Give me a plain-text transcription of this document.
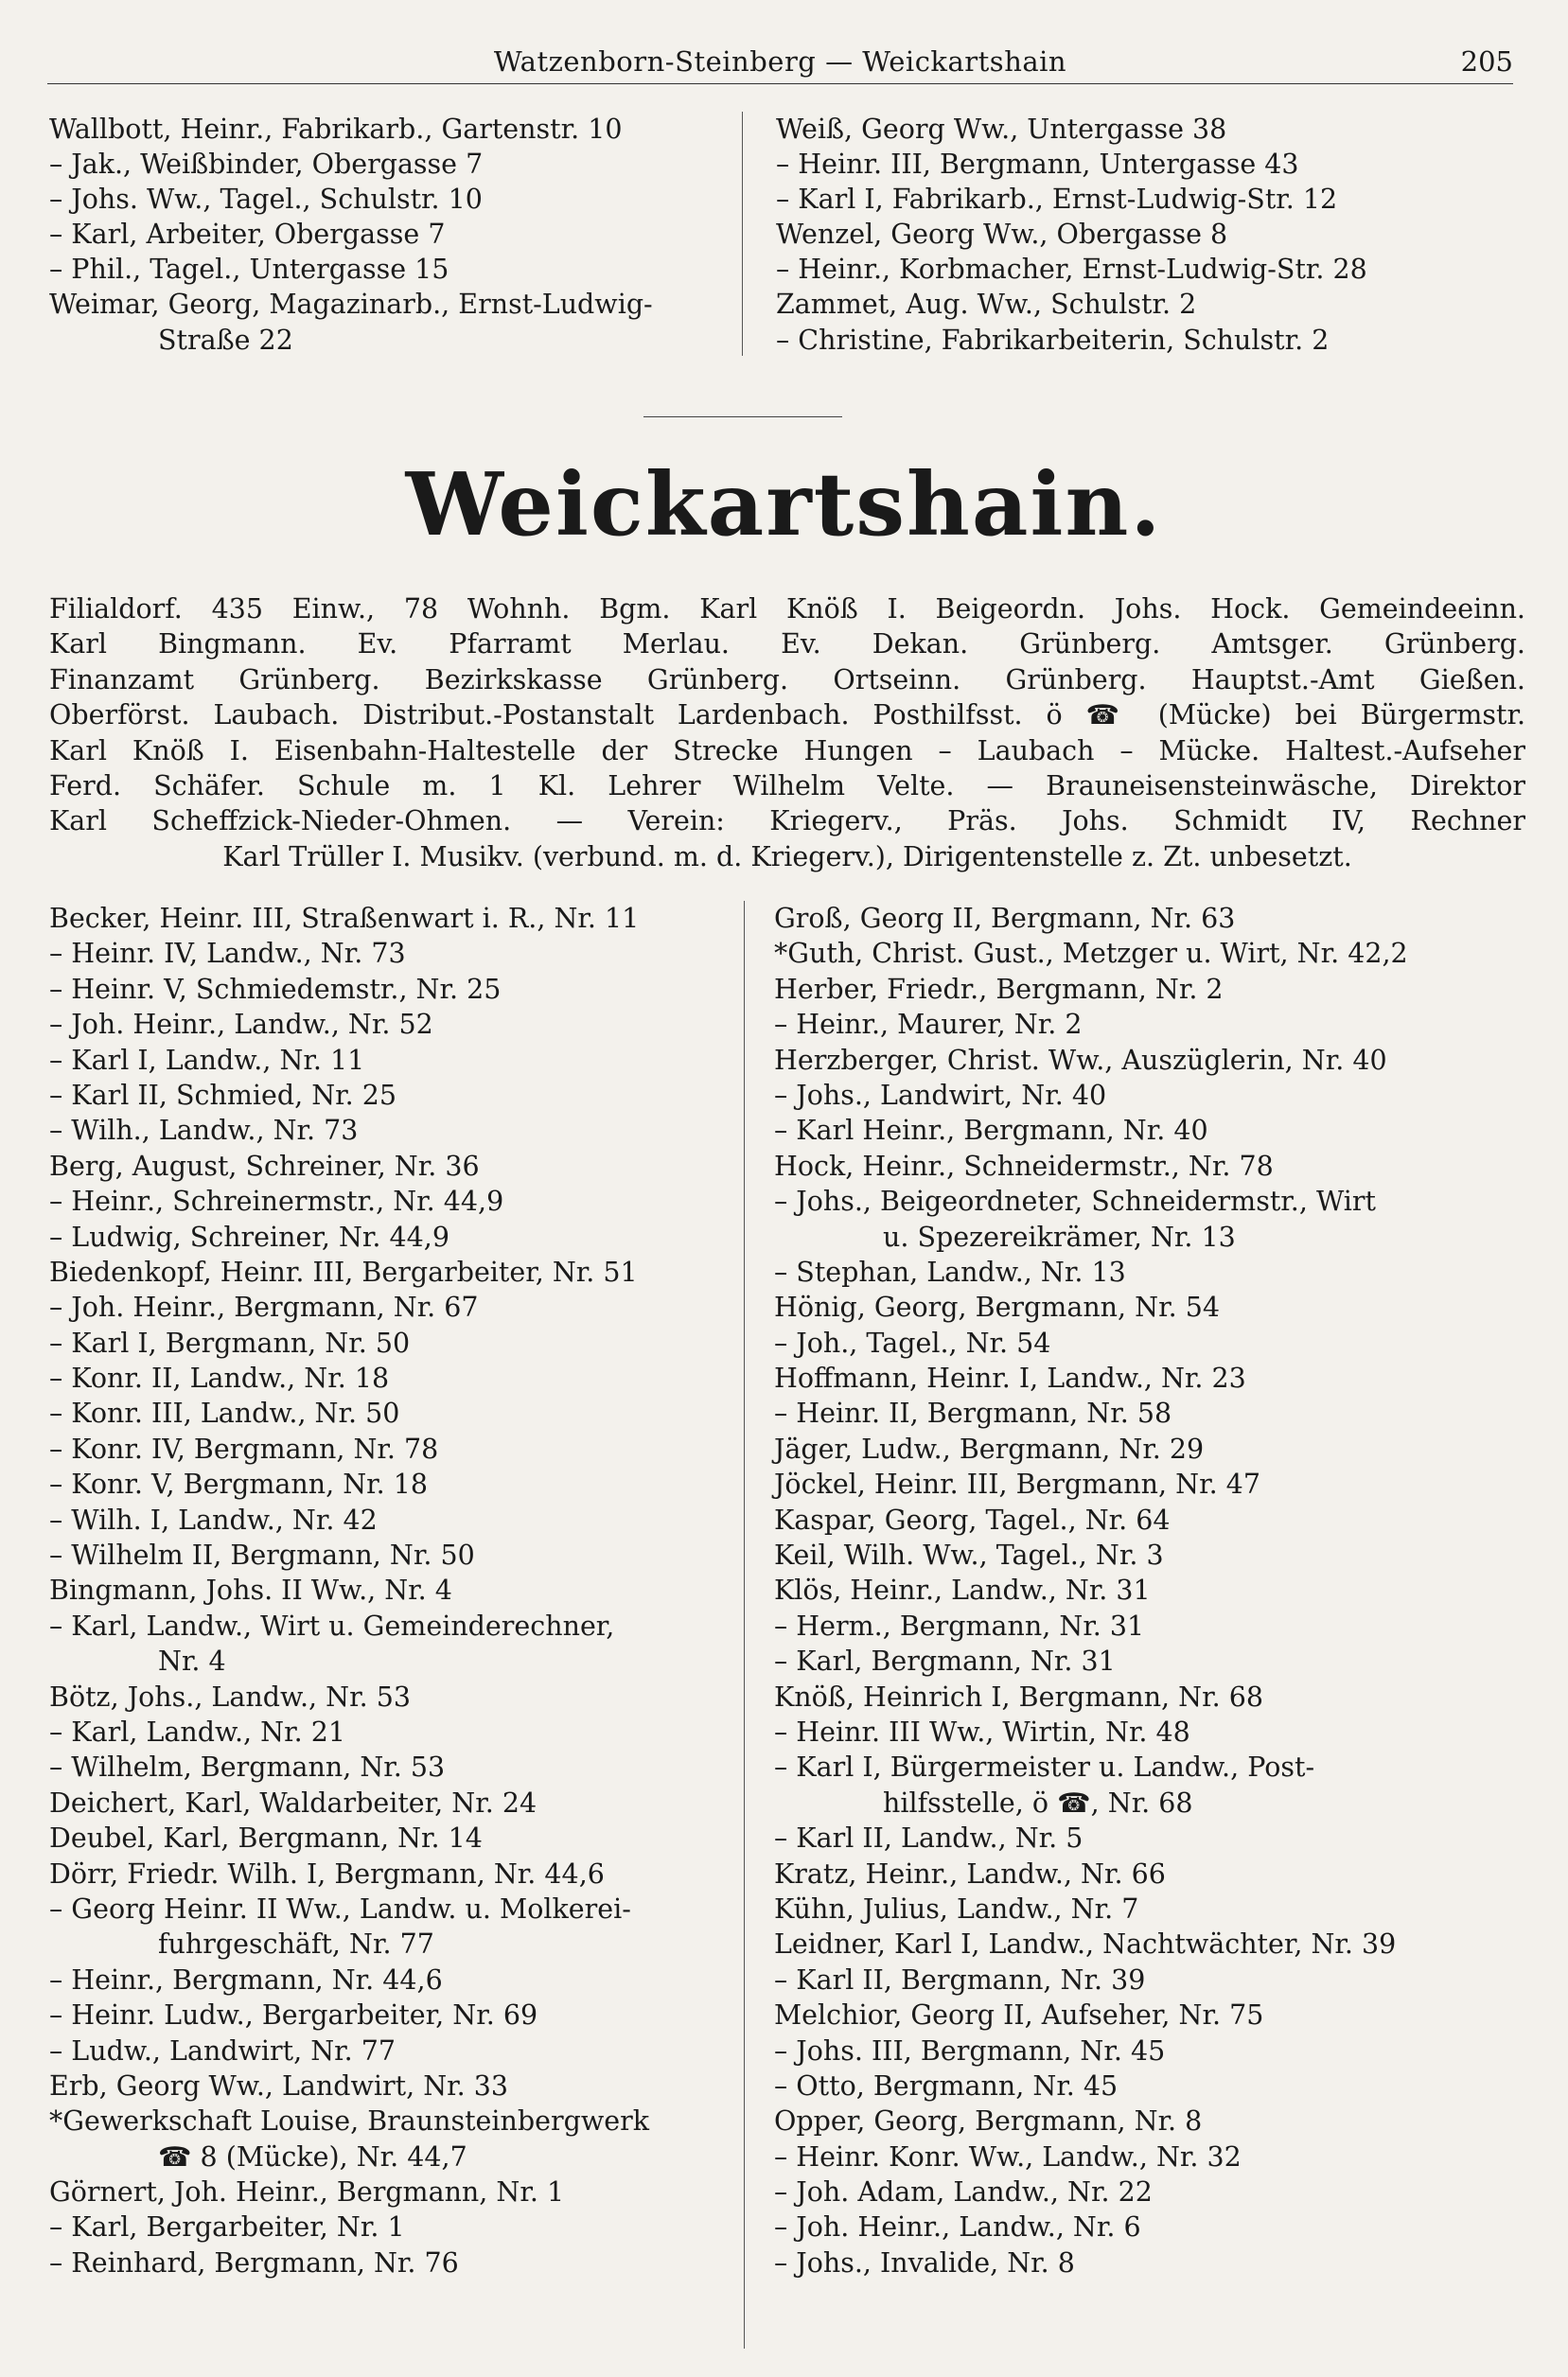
Watzenborn-Steinberg — Weickartshain	205
Wallbott, Heinr., Fabrikarb., Gartenstr. 10
– Jak., Weißbinder, Obergasse 7
– Johs. Ww., Tagel., Schulstr. 10
– Karl, Arbeiter, Obergasse 7
– Phil., Tagel., Untergasse 15
Weimar, Georg, Magazinarb., Ernst-Ludwig-
Straße 22
Weiß, Georg Ww., Untergasse 38
– Heinr. III, Bergmann, Untergasse 43
– Karl I, Fabrikarb., Ernst-Ludwig-Str. 12
Wenzel, Georg Ww., Obergasse 8
– Heinr., Korbmacher, Ernst-Ludwig-Str. 28
Zammet, Aug. Ww., Schulstr. 2
– Christine, Fabrikarbeiterin, Schulstr. 2
Weickartshain.
Filialdorf. 435 Einw., 78 Wohnh. Bgm. Karl Knöß I. Beigeordn. Johs. Hock. Gemeindeeinn.
Karl Bingmann. Ev. Pfarramt Merlau. Ev. Dekan. Grünberg. Amtsger. Grünberg.
Finanzamt Grünberg. Bezirkskasse Grünberg. Ortseinn. Grünberg. Hauptst.-Amt Gießen.
Oberförst. Laubach. Distribut.-Postanstalt Lardenbach. Posthilfsst. ö ☎ (Mücke) bei Bürgermstr.
Karl Knöß I. Eisenbahn-Haltestelle der Strecke Hungen – Laubach – Mücke. Haltest.-Aufseher
Ferd. Schäfer. Schule m. 1 Kl. Lehrer Wilhelm Velte. — Brauneisensteinwäsche, Direktor
Karl Scheffzick-Nieder-Ohmen. — Verein: Kriegerv., Präs. Johs. Schmidt IV, Rechner
Karl Trüller I. Musikv. (verbund. m. d. Kriegerv.), Dirigentenstelle z. Zt. unbesetzt.
Becker, Heinr. III, Straßenwart i. R., Nr. 11
– Heinr. IV, Landw., Nr. 73
– Heinr. V, Schmiedemstr., Nr. 25
– Joh. Heinr., Landw., Nr. 52
– Karl I, Landw., Nr. 11
– Karl II, Schmied, Nr. 25
– Wilh., Landw., Nr. 73
Berg, August, Schreiner, Nr. 36
– Heinr., Schreinermstr., Nr. 44,9
– Ludwig, Schreiner, Nr. 44,9
Biedenkopf, Heinr. III, Bergarbeiter, Nr. 51
– Joh. Heinr., Bergmann, Nr. 67
– Karl I, Bergmann, Nr. 50
– Konr. II, Landw., Nr. 18
– Konr. III, Landw., Nr. 50
– Konr. IV, Bergmann, Nr. 78
– Konr. V, Bergmann, Nr. 18
– Wilh. I, Landw., Nr. 42
– Wilhelm II, Bergmann, Nr. 50
Bingmann, Johs. II Ww., Nr. 4
– Karl, Landw., Wirt u. Gemeinderechner,
Nr. 4
Bötz, Johs., Landw., Nr. 53
– Karl, Landw., Nr. 21
– Wilhelm, Bergmann, Nr. 53
Deichert, Karl, Waldarbeiter, Nr. 24
Deubel, Karl, Bergmann, Nr. 14
Dörr, Friedr. Wilh. I, Bergmann, Nr. 44,6
– Georg Heinr. II Ww., Landw. u. Molkerei-
fuhrgeschäft, Nr. 77
– Heinr., Bergmann, Nr. 44,6
– Heinr. Ludw., Bergarbeiter, Nr. 69
– Ludw., Landwirt, Nr. 77
Erb, Georg Ww., Landwirt, Nr. 33
*Gewerkschaft Louise, Braunsteinbergwerk
☎ 8 (Mücke), Nr. 44,7
Görnert, Joh. Heinr., Bergmann, Nr. 1
– Karl, Bergarbeiter, Nr. 1
– Reinhard, Bergmann, Nr. 76
Groß, Georg II, Bergmann, Nr. 63
*Guth, Christ. Gust., Metzger u. Wirt, Nr. 42,2
Herber, Friedr., Bergmann, Nr. 2
– Heinr., Maurer, Nr. 2
Herzberger, Christ. Ww., Auszüglerin, Nr. 40
– Johs., Landwirt, Nr. 40
– Karl Heinr., Bergmann, Nr. 40
Hock, Heinr., Schneidermstr., Nr. 78
– Johs., Beigeordneter, Schneidermstr., Wirt
u. Spezereikrämer, Nr. 13
– Stephan, Landw., Nr. 13
Hönig, Georg, Bergmann, Nr. 54
– Joh., Tagel., Nr. 54
Hoffmann, Heinr. I, Landw., Nr. 23
– Heinr. II, Bergmann, Nr. 58
Jäger, Ludw., Bergmann, Nr. 29
Jöckel, Heinr. III, Bergmann, Nr. 47
Kaspar, Georg, Tagel., Nr. 64
Keil, Wilh. Ww., Tagel., Nr. 3
Klös, Heinr., Landw., Nr. 31
– Herm., Bergmann, Nr. 31
– Karl, Bergmann, Nr. 31
Knöß, Heinrich I, Bergmann, Nr. 68
– Heinr. III Ww., Wirtin, Nr. 48
– Karl I, Bürgermeister u. Landw., Post-
hilfsstelle, ö ☎, Nr. 68
– Karl II, Landw., Nr. 5
Kratz, Heinr., Landw., Nr. 66
Kühn, Julius, Landw., Nr. 7
Leidner, Karl I, Landw., Nachtwächter, Nr. 39
– Karl II, Bergmann, Nr. 39
Melchior, Georg II, Aufseher, Nr. 75
– Johs. III, Bergmann, Nr. 45
– Otto, Bergmann, Nr. 45
Opper, Georg, Bergmann, Nr. 8
– Heinr. Konr. Ww., Landw., Nr. 32
– Joh. Adam, Landw., Nr. 22
– Joh. Heinr., Landw., Nr. 6
– Johs., Invalide, Nr. 8
